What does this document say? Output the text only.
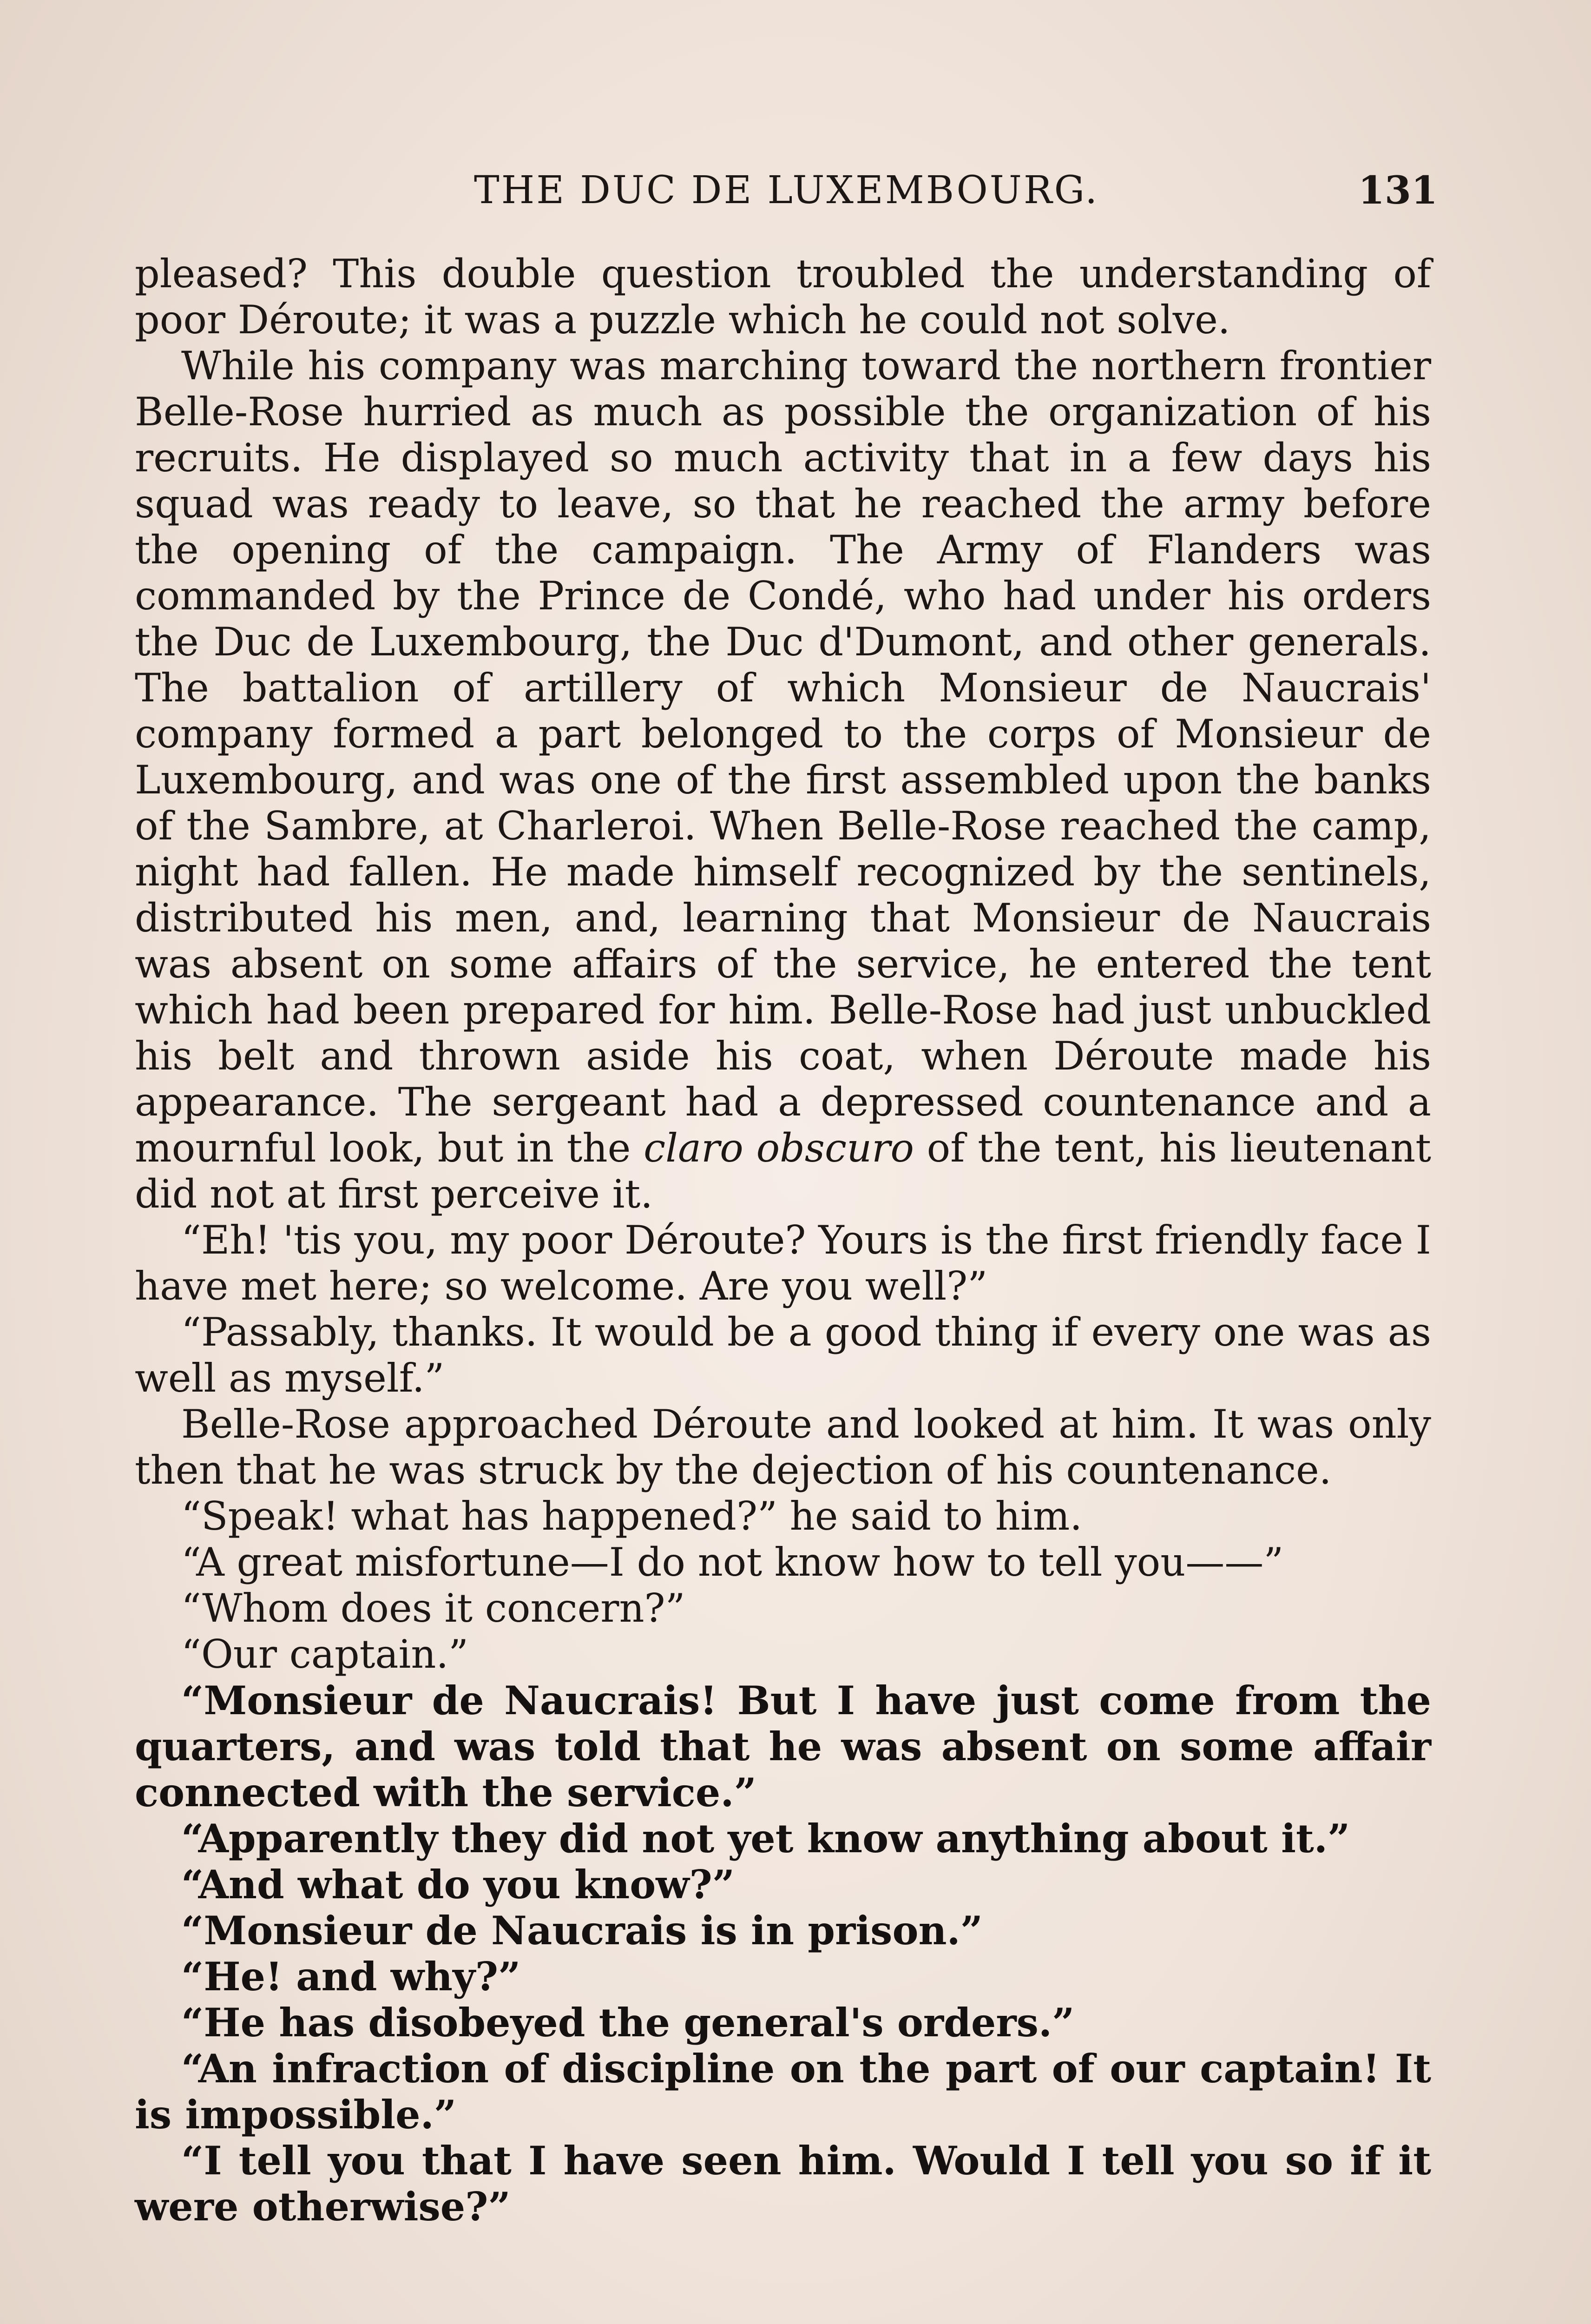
THE DUC DE LUXEMBOURG.	131

pleased? This double question troubled the understanding of poor Déroute; it was a puzzle which he could not solve.

While his company was marching toward the northern frontier Belle-Rose hurried as much as possible the organization of his recruits. He displayed so much activity that in a few days his squad was ready to leave, so that he reached the army before the opening of the campaign. The Army of Flanders was commanded by the Prince de Condé, who had under his orders the Duc de Luxembourg, the Duc d'Dumont, and other generals. The battalion of artillery of which Monsieur de Naucrais' company formed a part belonged to the corps of Monsieur de Luxembourg, and was one of the first assembled upon the banks of the Sambre, at Charleroi. When Belle-Rose reached the camp, night had fallen. He made himself recognized by the sentinels, distributed his men, and, learning that Monsieur de Naucrais was absent on some affairs of the service, he entered the tent which had been prepared for him. Belle-Rose had just unbuckled his belt and thrown aside his coat, when Déroute made his appearance. The sergeant had a depressed countenance and a mournful look, but in the claro obscuro of the tent, his lieutenant did not at first perceive it.

“Eh! 'tis you, my poor Déroute? Yours is the first friendly face I have met here; so welcome. Are you well?”

“Passably, thanks. It would be a good thing if every one was as well as myself.”

Belle-Rose approached Déroute and looked at him. It was only then that he was struck by the dejection of his countenance.

“Speak! what has happened?” he said to him.

“A great misfortune—I do not know how to tell you——”

“Whom does it concern?”

“Our captain.”

“Monsieur de Naucrais! But I have just come from the quarters, and was told that he was absent on some affair connected with the service.”

“Apparently they did not yet know anything about it.”

“And what do you know?”

“Monsieur de Naucrais is in prison.”

“He! and why?”

“He has disobeyed the general's orders.”

“An infraction of discipline on the part of our captain! It is impossible.”

“I tell you that I have seen him. Would I tell you so if it were otherwise?”
